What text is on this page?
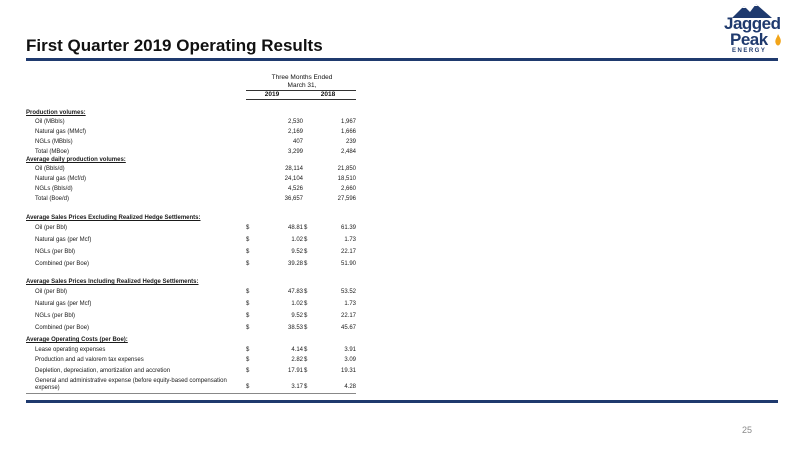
First Quarter 2019 Operating Results
Jagged
Peak
ENERGY
Three Months Ended
March 31,
2019	2018
Production volumes:
Oil (MBbls)	2,530	1,967
Natural gas (MMcf)	2,169	1,666
NGLs (MBbls)	407	239
Total (MBoe)	3,299	2,484
Average daily production volumes:
Oil (Bbls/d)	28,114	21,850
Natural gas (Mcf/d)	24,104	18,510
NGLs (Bbls/d)	4,526	2,660
Total (Boe/d)	36,657	27,596
Average Sales Prices Excluding Realized Hedge Settlements:
Oil (per Bbl)	$	48.81 $	61.39
Natural gas (per Mcf)	$	1.02 $	1.73
NGLs (per Bbl)	$	9.52 $	22.17
Combined (per Boe)	$	39.28 $	51.90
Average Sales Prices Including Realized Hedge Settlements:
Oil (per Bbl)	$	47.83 $	53.52
Natural gas (per Mcf)	$	1.02 $	1.73
NGLs (per Bbl)	$	9.52 $	22.17
Combined (per Boe)	$	38.53 $	45.67
Average Operating Costs (per Boe):
Lease operating expenses	$	4.14 $	3.91
Production and ad valorem tax expenses	$	2.82 $	3.09
Depletion, depreciation, amortization and accretion	$	17.91 $	19.31
General and administrative expense (before equity-based compensation
expense)	$	3.17 $	4.28
25
